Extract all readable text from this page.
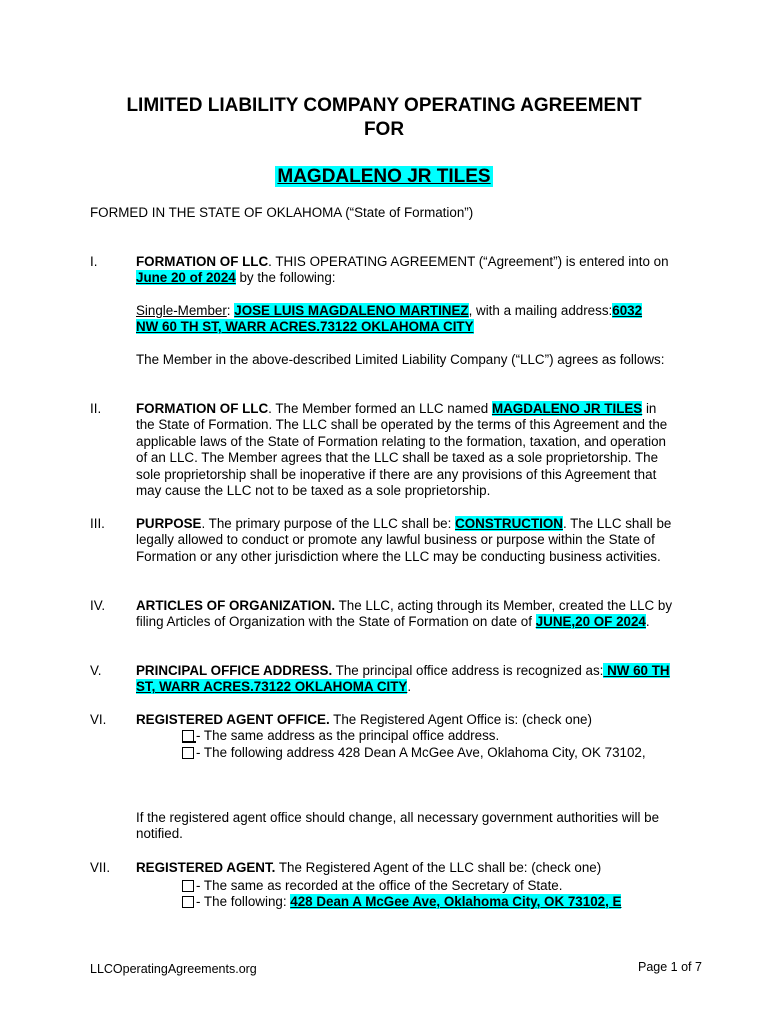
LIMITED LIABILITY COMPANY OPERATING AGREEMENT
FOR
MAGDALENO JR TILES
FORMED IN THE STATE OF OKLAHOMA (“State of Formation”)
I.	FORMATION OF LLC. THIS OPERATING AGREEMENT (“Agreement”) is entered into on June 20 of 2024 by the following:
Single-Member: JOSE LUIS MAGDALENO MARTINEZ, with a mailing address:6032
NW 60 TH ST, WARR ACRES.73122 OKLAHOMA CITY
The Member in the above-described Limited Liability Company (“LLC”) agrees as follows:
II.	FORMATION OF LLC. The Member formed an LLC named MAGDALENO JR TILES in the State of Formation. The LLC shall be operated by the terms of this Agreement and the applicable laws of the State of Formation relating to the formation, taxation, and operation of an LLC. The Member agrees that the LLC shall be taxed as a sole proprietorship. The sole proprietorship shall be inoperative if there are any provisions of this Agreement that may cause the LLC not to be taxed as a sole proprietorship.
III. PURPOSE. The primary purpose of the LLC shall be: CONSTRUCTION. The LLC shall be legally allowed to conduct or promote any lawful business or purpose within the State of Formation or any other jurisdiction where the LLC may be conducting business activities.
IV. ARTICLES OF ORGANIZATION. The LLC, acting through its Member, created the LLC by filing Articles of Organization with the State of Formation on date of JUNE,20 OF 2024.
V.	PRINCIPAL OFFICE ADDRESS. The principal office address is recognized as: NW 60 TH ST, WARR ACRES.73122 OKLAHOMA CITY.
VI. REGISTERED AGENT OFFICE. The Registered Agent Office is: (check one)
- The same address as the principal office address.
- The following address 428 Dean A McGee Ave, Oklahoma City, OK 73102,
If the registered agent office should change, all necessary government authorities will be notified.
VII. REGISTERED AGENT. The Registered Agent of the LLC shall be: (check one)
- The same as recorded at the office of the Secretary of State.
- The following: 428 Dean A McGee Ave, Oklahoma City, OK 73102, E
LLCOperatingAgreements.org	Page 1 of 7
